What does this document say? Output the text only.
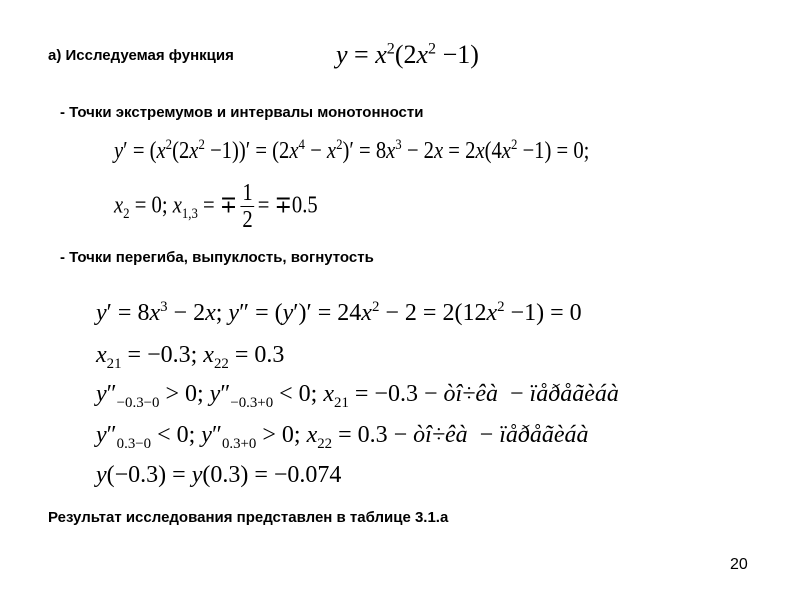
а) Исследуемая функция	$y = x^2(2x^2 -1)$
- Точки экстремумов и интервалы монотонности
$y' = (x^2(2x^2 -1))' = (2x^4 - x^2)' = 8x^3 - 2x = 2x(4x^2 -1) = 0$;
$x_2 = 0$; $x_{1,3}$ = ∓ $\frac{1}{2} = \mp 0.5$
- Точки перегиба, выпуклость, вогнутость
$y' = 8x^3 - 2x$; $y'' = (y')' = 24x^2 - 2 = 2(12x^2 -1) = 0$
$x_{21} = -0.3$; $x_{22} = 0.3$
$y''_{-0.3-0} > 0$; $y''_{-0.3+0} < 0$; $x_{21} = -0.3$ − òî÷êà  − ïåðåãèáà
$y''_{0.3-0} < 0$; $y''_{0.3+0} > 0$; $x_{22} = 0.3$ − òî÷êà  − ïåðåãèáà
y(−0.3) = y(0.3) = −0.074
Результат исследования представлен в таблице 3.1.а
20
